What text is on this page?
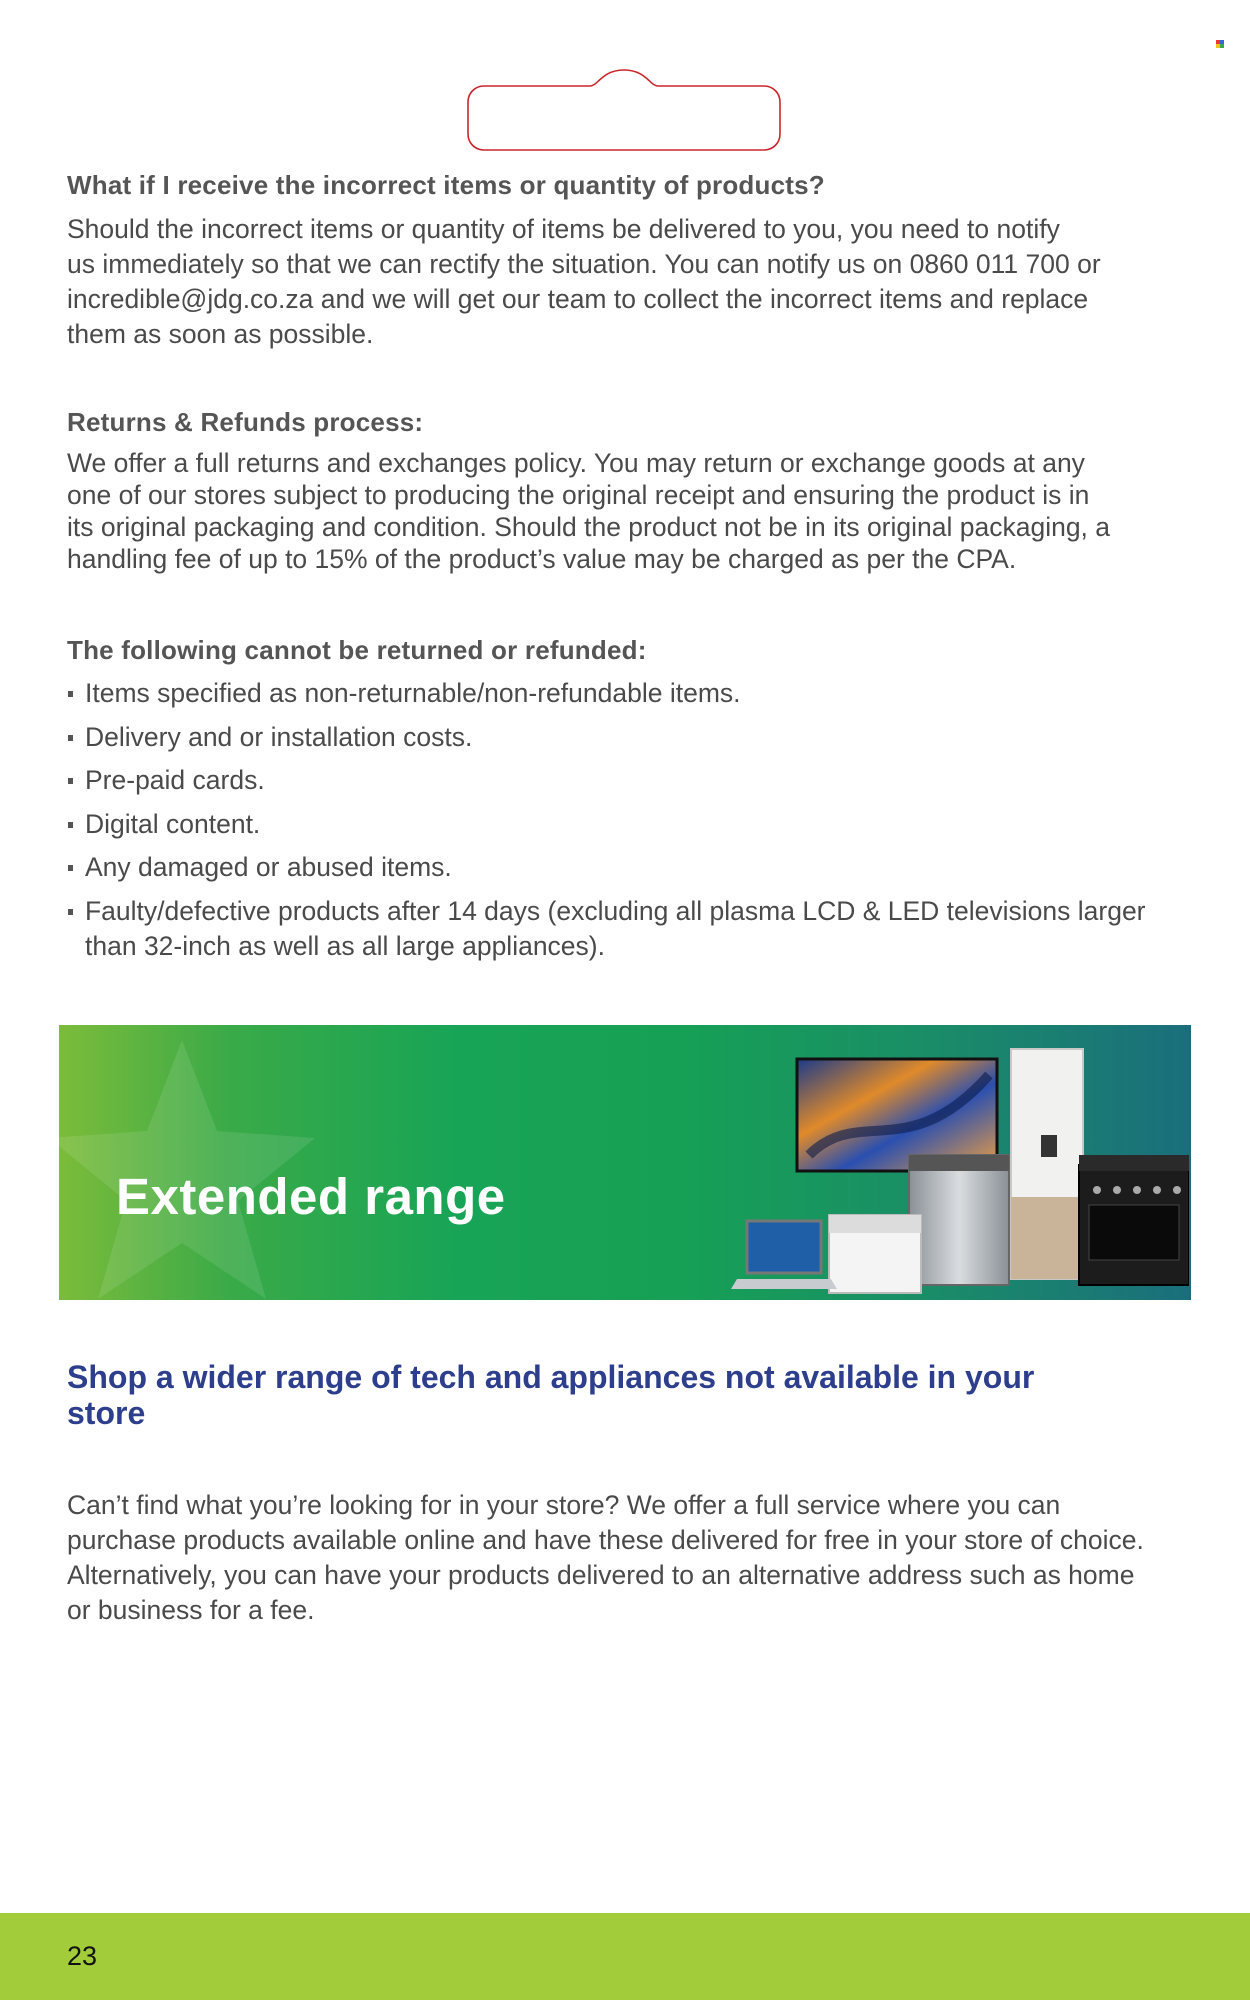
What if I receive the incorrect items or quantity of products?
Should the incorrect items or quantity of items be delivered to you, you need to notify
us immediately so that we can rectify the situation. You can notify us on 0860 011 700 or
incredible@jdg.co.za and we will get our team to collect the incorrect items and replace
them as soon as possible.
Returns & Refunds process:
We offer a full returns and exchanges policy. You may return or exchange goods at any
one of our stores subject to producing the original receipt and ensuring the product is in
its original packaging and condition. Should the product not be in its original packaging, a
handling fee of up to 15% of the product’s value may be charged as per the CPA.
The following cannot be returned or refunded:
Items specified as non-returnable/non-refundable items.
Delivery and or installation costs.
Pre-paid cards.
Digital content.
Any damaged or abused items.
Faulty/defective products after 14 days (excluding all plasma LCD & LED televisions larger
than 32-inch as well as all large appliances).
Extended range
Shop a wider range of tech and appliances not available in your
store
Can’t find what you’re looking for in your store? We offer a full service where you can
purchase products available online and have these delivered for free in your store of choice.
Alternatively, you can have your products delivered to an alternative address such as home
or business for a fee.

23
